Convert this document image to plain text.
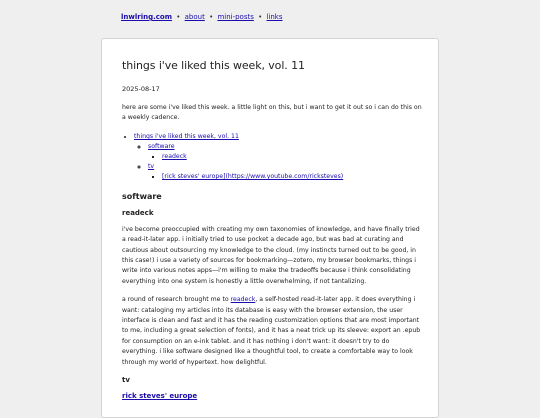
lnwlring.com • about • mini-posts • links
things i've liked this week, vol. 11
2025-08-17

here are some i've liked this week. a little light on this, but i want to get it out so i can do this on a weekly cadence.

• things i've liked this week, vol. 11
◦ software
▪ readeck
◦ tv
▪ [rick steves' europe](https://www.youtube.com/ricksteves)
software
readeck

i've become preoccupied with creating my own taxonomies of knowledge, and have finally tried a read-it-later app. i initially tried to use pocket a decade ago, but was bad at curating and cautious about outsourcing my knowledge to the cloud. (my instincts turned out to be good, in this case!) i use a variety of sources for bookmarking—zotero, my browser bookmarks, things i write into various notes apps—i'm willing to make the tradeoffs because i think consolidating everything into one system is honestly a little overwhelming, if not tantalizing.

a round of research brought me to readeck, a self-hosted read-it-later app. it does everything i want: cataloging my articles into its database is easy with the browser extension, the user interface is clean and fast and it has the reading customization options that are most important to me, including a great selection of fonts), and it has a neat trick up its sleeve: export an .epub for consumption on an e-ink tablet. and it has nothing i don't want: it doesn't try to do everything. i like software designed like a thoughtful tool, to create a comfortable way to look through my world of hypertext. how delightful.

tv
rick steves' europe
